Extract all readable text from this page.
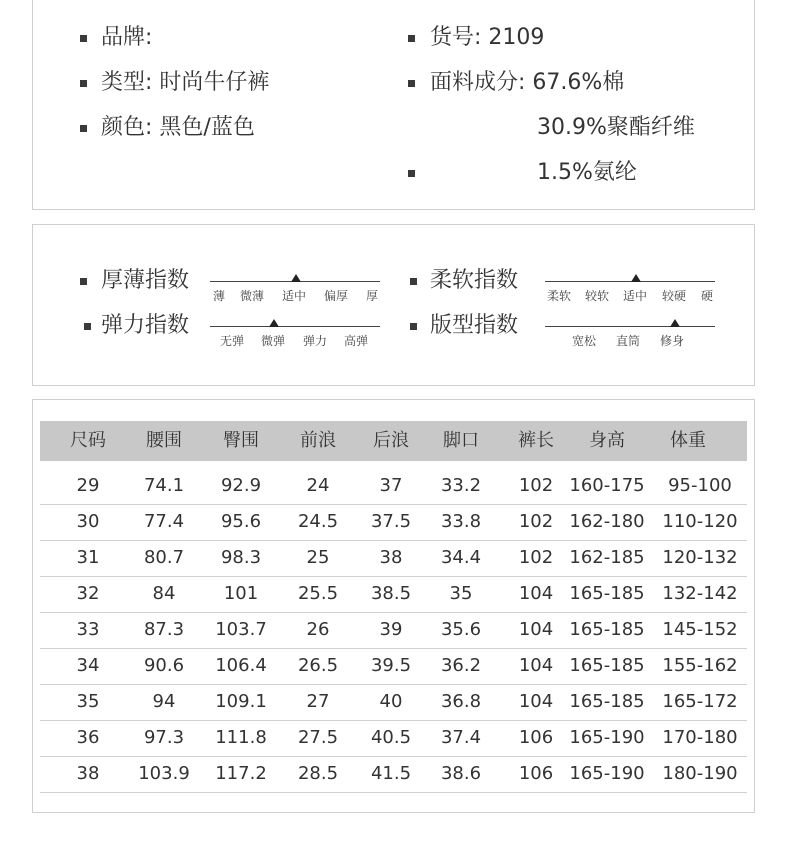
品牌:
类型: 时尚牛仔裤
颜色: 黑色/蓝色
货号: 2109
面料成分: 67.6%棉
30.9%聚酯纤维
1.5%氨纶
厚薄指数
薄 微薄 适中 偏厚 厚
弹力指数
无弹 微弹 弹力 高弹
柔软指数
柔软 较软 适中 较硬 硬
版型指数
宽松 直筒 修身
尺码	腰围	臀围	前浪	后浪	脚口	裤长	身高	体重
29	74.1	92.9	24	37	33.2	102 160-175	95-100
30	77.4	95.6	24.5	37.5	33.8	102 162-180 110-120
31	80.7	98.3	25	38	34.4	102 162-185 120-132
32	84	101	25.5	38.5	35	104 165-185 132-142
33	87.3	103.7	26	39	35.6	104 165-185 145-152
34	90.6	106.4	26.5	39.5	36.2	104 165-185 155-162
35	94	109.1	27	40	36.8	104 165-185 165-172
36	97.3	111.8	27.5	40.5	37.4	106 165-190 170-180
38	103.9	117.2	28.5	41.5	38.6	106 165-190 180-190
